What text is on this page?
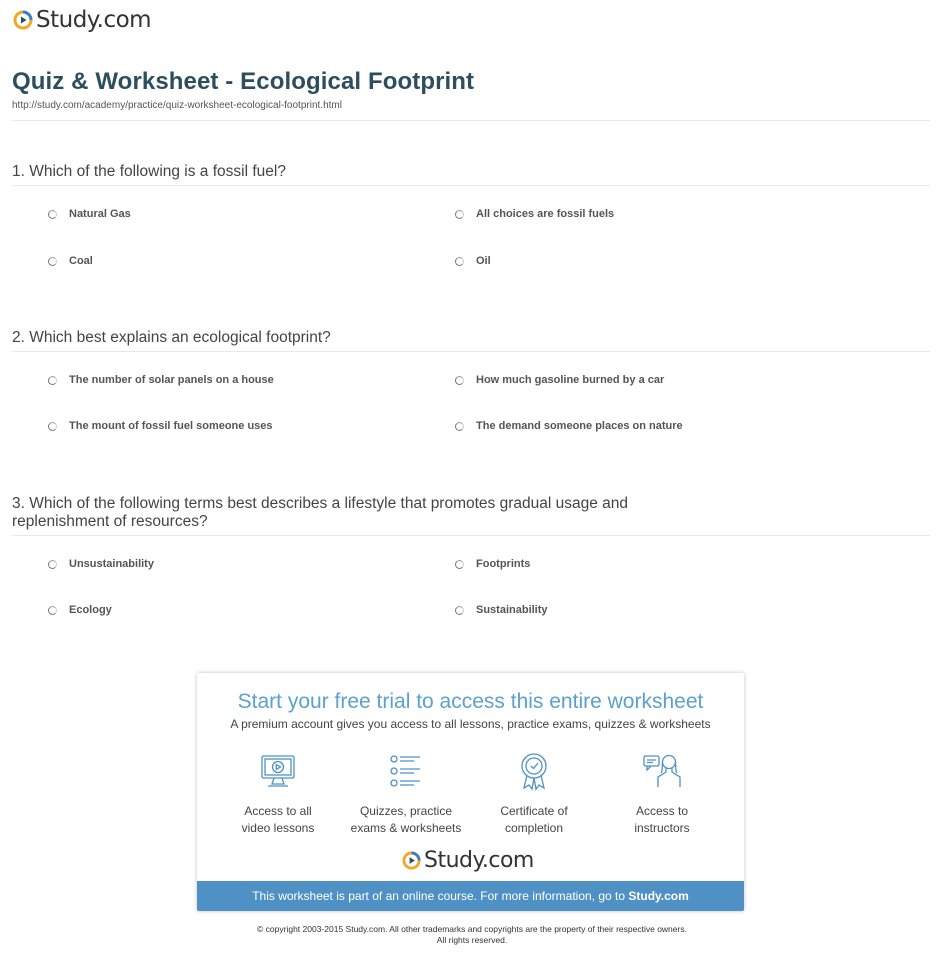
Study.com
Quiz & Worksheet - Ecological Footprint
http://study.com/academy/practice/quiz-worksheet-ecological-footprint.html
1. Which of the following is a fossil fuel?
Natural Gas	All choices are fossil fuels
Coal	Oil
2. Which best explains an ecological footprint?
The number of solar panels on a house	How much gasoline burned by a car
The mount of fossil fuel someone uses	The demand someone places on nature
3. Which of the following terms best describes a lifestyle that promotes gradual usage and replenishment of resources?
Unsustainability	Footprints
Ecology	Sustainability
Start your free trial to access this entire worksheet
A premium account gives you access to all lessons, practice exams, quizzes & worksheets
Access to all
video lessons
Quizzes, practice
exams & worksheets
Certificate of
completion
Access to
instructors
Study.com
This worksheet is part of an online course. For more information, go to Study.com
© copyright 2003-2015 Study.com. All other trademarks and copyrights are the property of their respective owners.
All rights reserved.
